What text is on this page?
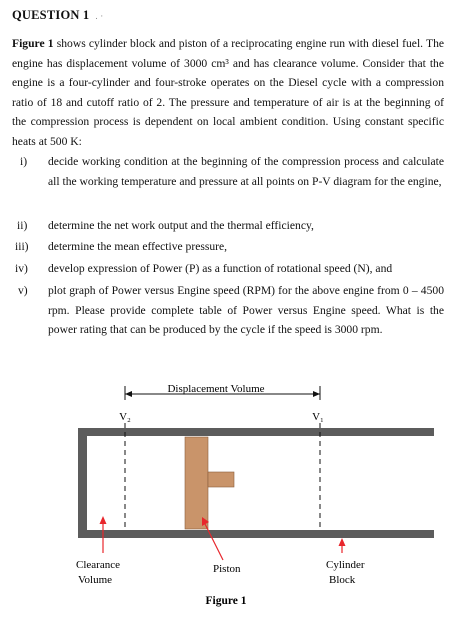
QUESTION 1 . ·
Figure 1 shows cylinder block and piston of a reciprocating engine run with diesel fuel. The engine has displacement volume of 3000 cm³ and has clearance volume. Consider that the engine is a four-cylinder and four-stroke operates on the Diesel cycle with a compression ratio of 18 and cutoff ratio of 2. The pressure and temperature of air is at the beginning of the compression process is dependent on local ambient condition. Using constant specific heats at 500 K:
i)	decide working condition at the beginning of the compression process and calculate all the working temperature and pressure at all points on P-V diagram for the engine,
ii)	determine the net work output and the thermal efficiency,
iii)	determine the mean effective pressure,
iv)	develop expression of Power (P) as a function of rotational speed (N), and
v)	plot graph of Power versus Engine speed (RPM) for the above engine from 0 – 4500 rpm. Please provide complete table of Power versus Engine speed. What is the power rating that can be produced by the cycle if the speed is 3000 rpm.
Displacement Volume
V₂	V₁
Clearance
Volume
Piston	Cylinder
Block
Figure 1
